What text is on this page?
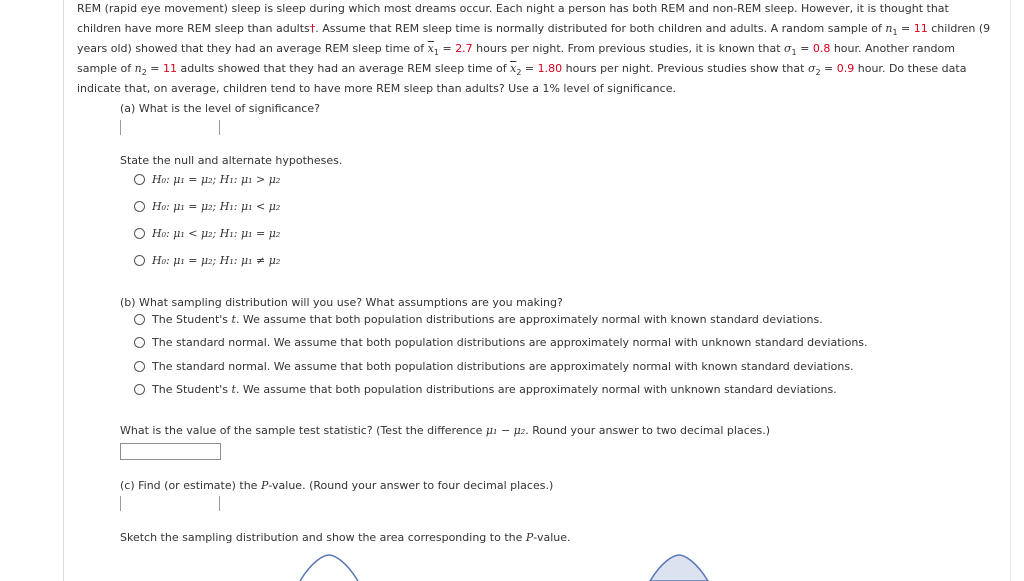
REM (rapid eye movement) sleep is sleep during which most dreams occur. Each night a person has both REM and non-REM sleep. However, it is thought that
children have more REM sleep than adults†. Assume that REM sleep time is normally distributed for both children and adults. A random sample of $n_1 = 11$ children (9
years old) showed that they had an average REM sleep time of $\overline{x}_1 = 2.7$ hours per night. From previous studies, it is known that $\sigma_1 = 0.8$ hour. Another random
sample of $n_2 = 11$ adults showed that they had an average REM sleep time of $\overline{x}_2 = 1.80$ hours per night. Previous studies show that $\sigma_2 = 0.9$ hour. Do these data
indicate that, on average, children tend to have more REM sleep than adults? Use a 1% level of significance.

(a) What is the level of significance?
State the null and alternate hypotheses.
H₀: μ₁ = μ₂; H₁: μ₁ > μ₂
H₀: μ₁ = μ₂; H₁: μ₁ < μ₂
H₀: μ₁ < μ₂; H₁: μ₁ = μ₂
H₀: μ₁ = μ₂; H₁: μ₁ ≠ μ₂
(b) What sampling distribution will you use? What assumptions are you making?
The Student's t. We assume that both population distributions are approximately normal with known standard deviations.
The standard normal. We assume that both population distributions are approximately normal with unknown standard deviations.
The standard normal. We assume that both population distributions are approximately normal with known standard deviations.
The Student's t. We assume that both population distributions are approximately normal with unknown standard deviations.
What is the value of the sample test statistic? (Test the difference μ₁ − μ₂. Round your answer to two decimal places.)
(c) Find (or estimate) the P-value. (Round your answer to four decimal places.)
Sketch the sampling distribution and show the area corresponding to the P-value.
